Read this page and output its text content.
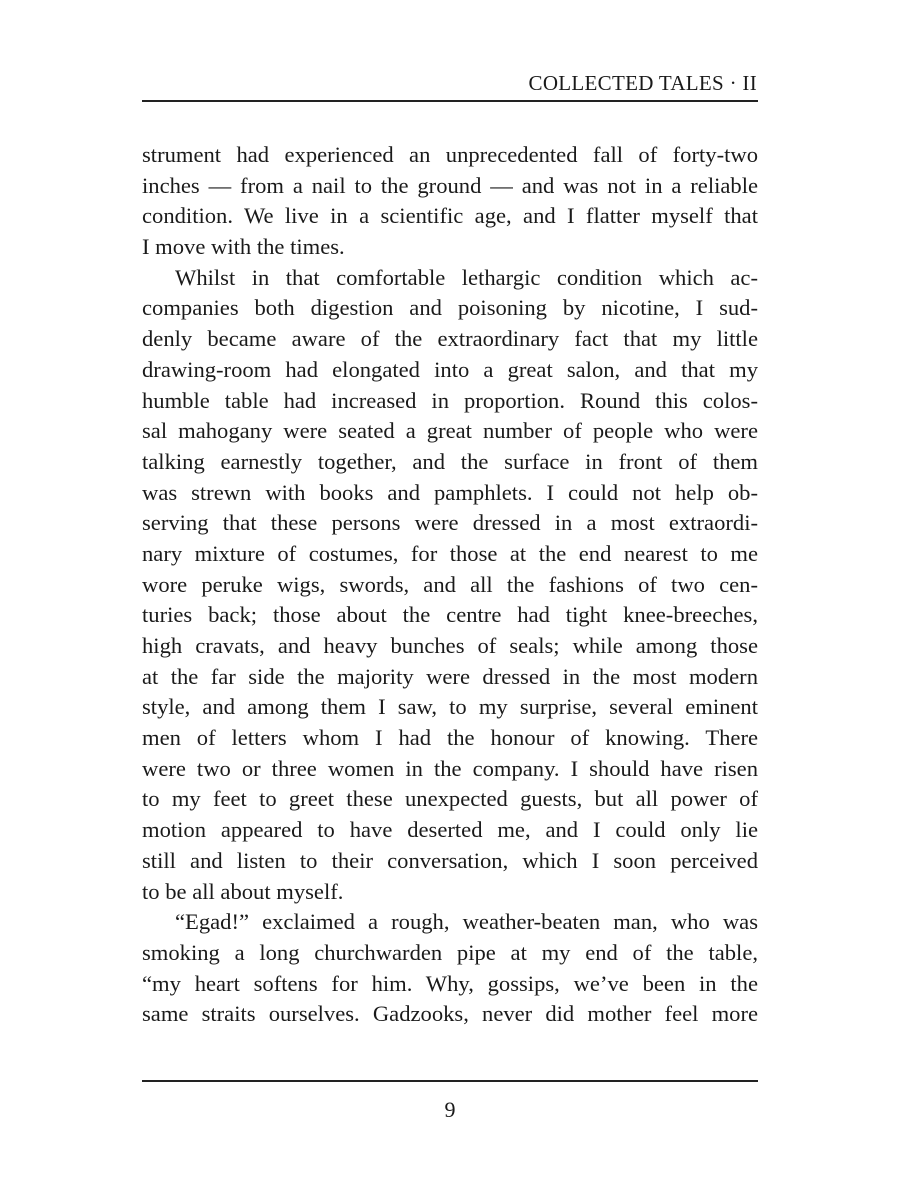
COLLECTED TALES · II
strument had experienced an unprecedented fall of forty-two
inches — from a nail to the ground — and was not in a reliable
condition. We live in a scientific age, and I flatter myself that
I move with the times.
Whilst in that comfortable lethargic condition which ac-
companies both digestion and poisoning by nicotine, I sud-
denly became aware of the extraordinary fact that my little
drawing-room had elongated into a great salon, and that my
humble table had increased in proportion. Round this colos-
sal mahogany were seated a great number of people who were
talking earnestly together, and the surface in front of them
was strewn with books and pamphlets. I could not help ob-
serving that these persons were dressed in a most extraordi-
nary mixture of costumes, for those at the end nearest to me
wore peruke wigs, swords, and all the fashions of two cen-
turies back; those about the centre had tight knee-breeches,
high cravats, and heavy bunches of seals; while among those
at the far side the majority were dressed in the most modern
style, and among them I saw, to my surprise, several eminent
men of letters whom I had the honour of knowing. There
were two or three women in the company. I should have risen
to my feet to greet these unexpected guests, but all power of
motion appeared to have deserted me, and I could only lie
still and listen to their conversation, which I soon perceived
to be all about myself.
“Egad!” exclaimed a rough, weather-beaten man, who was
smoking a long churchwarden pipe at my end of the table,
“my heart softens for him. Why, gossips, we’ve been in the
same straits ourselves. Gadzooks, never did mother feel more
9
